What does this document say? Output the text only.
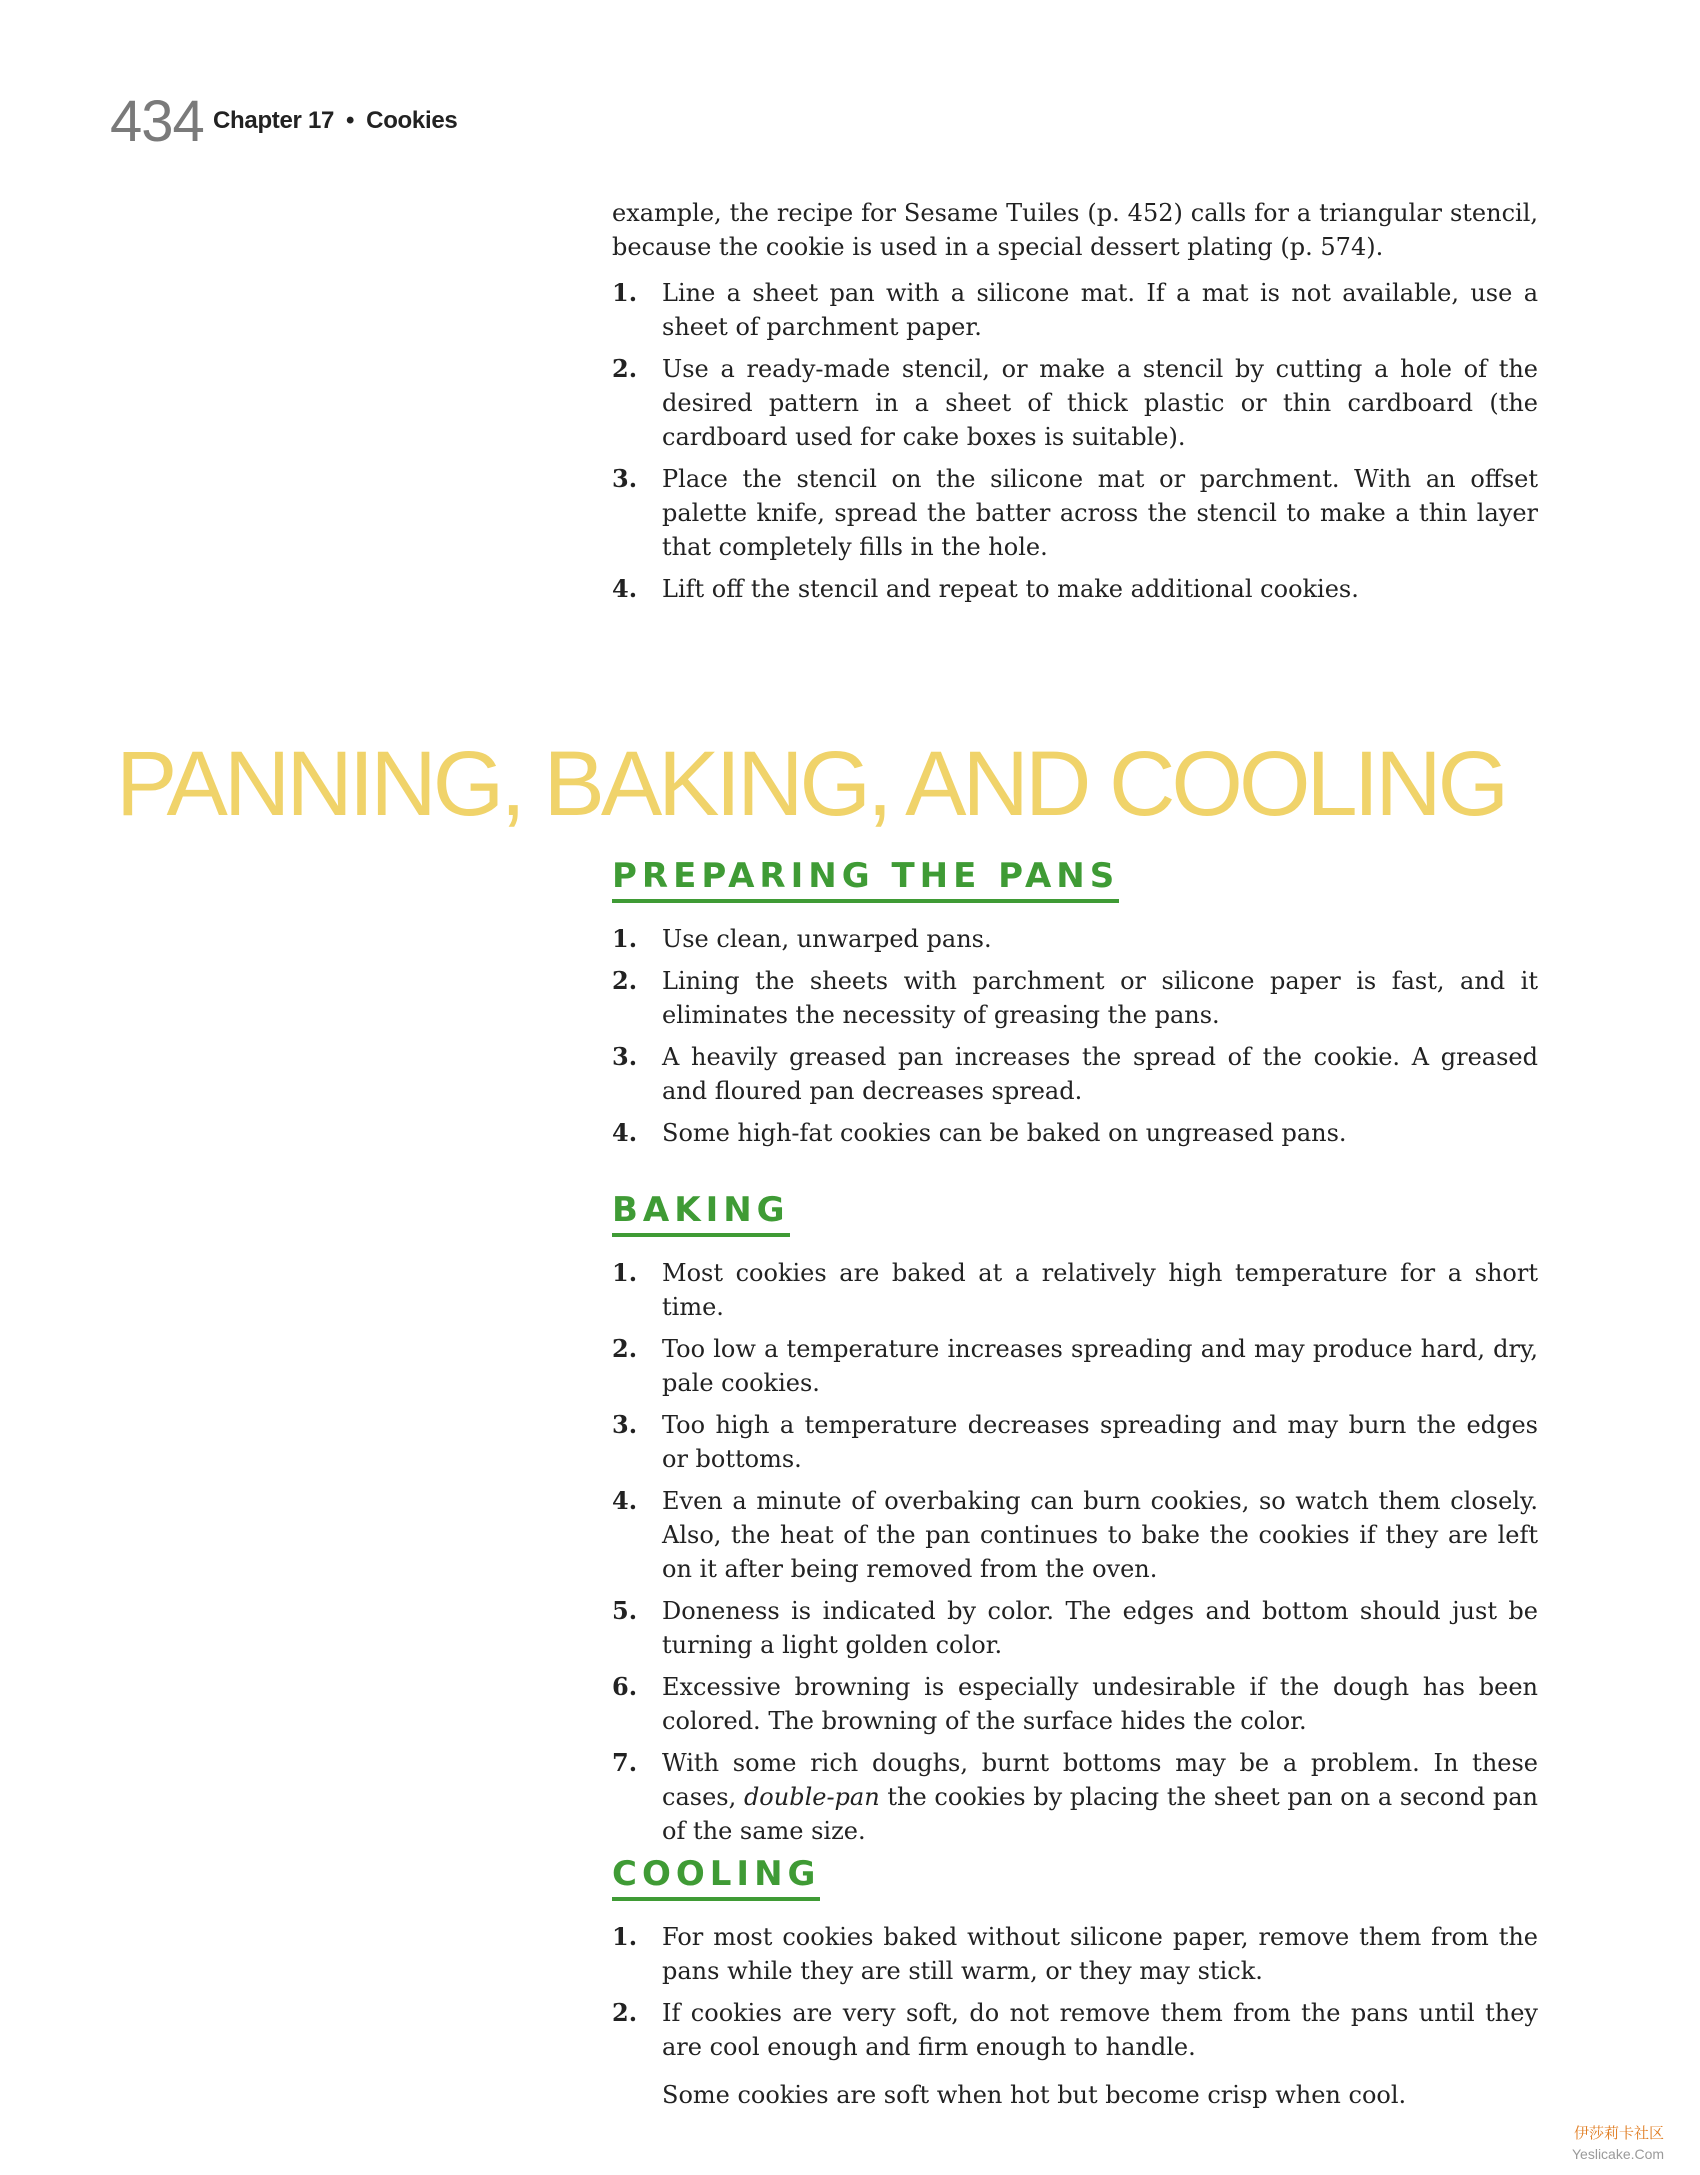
434 Chapter 17 • Cookies

example, the recipe for Sesame Tuiles (p. 452) calls for a triangular stencil, because the cookie is used in a special dessert plating (p. 574).

1. Line a sheet pan with a silicone mat. If a mat is not available, use a sheet of parchment paper.
2. Use a ready-made stencil, or make a stencil by cutting a hole of the desired pattern in a sheet of thick plastic or thin cardboard (the cardboard used for cake boxes is suitable).
3. Place the stencil on the silicone mat or parchment. With an offset palette knife, spread the batter across the stencil to make a thin layer that completely fills in the hole.
4. Lift off the stencil and repeat to make additional cookies.
PANNING, BAKING, AND COOLING
PREPARING THE PANS
1. Use clean, unwarped pans.
2. Lining the sheets with parchment or silicone paper is fast, and it eliminates the necessity of greasing the pans.
3. A heavily greased pan increases the spread of the cookie. A greased and floured pan decreases spread.
4. Some high-fat cookies can be baked on ungreased pans.
BAKING
1. Most cookies are baked at a relatively high temperature for a short time.
2. Too low a temperature increases spreading and may produce hard, dry, pale cookies.
3. Too high a temperature decreases spreading and may burn the edges or bottoms.
4. Even a minute of overbaking can burn cookies, so watch them closely. Also, the heat of the pan continues to bake the cookies if they are left on it after being removed from the oven.
5. Doneness is indicated by color. The edges and bottom should just be turning a light golden color.
6. Excessive browning is especially undesirable if the dough has been colored. The browning of the surface hides the color.
7. With some rich doughs, burnt bottoms may be a problem. In these cases, double-pan the cookies by placing the sheet pan on a second pan of the same size.
COOLING
1. For most cookies baked without silicone paper, remove them from the pans while they are still warm, or they may stick.
2. If cookies are very soft, do not remove them from the pans until they are cool enough and firm enough to handle.

Some cookies are soft when hot but become crisp when cool.

伊莎莉卡社区
Yeslicake.Com
